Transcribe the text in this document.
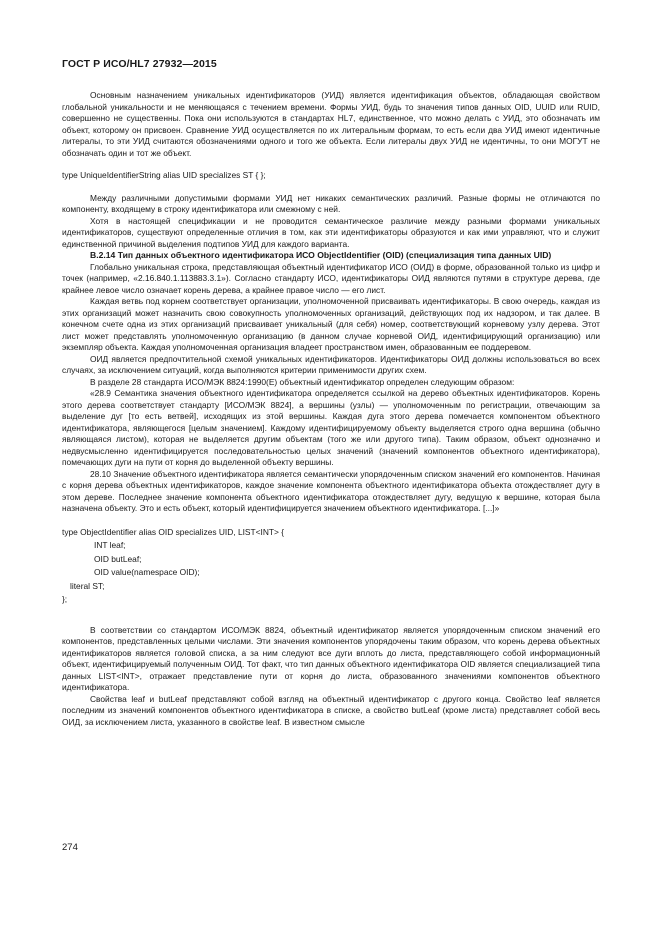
ГОСТ Р ИСО/HL7 27932—2015

Основным назначением уникальных идентификаторов (УИД) является идентификация объектов, обладающая свойством глобальной уникальности и не меняющаяся с течением времени. Формы УИД, будь то значения типов данных OID, UUID или RUID, совершенно не существенны. Пока они используются в стандартах HL7, единственное, что можно делать с УИД, это обозначать им объект, которому он присвоен. Сравнение УИД осуществляется по их литеральным формам, то есть если два УИД имеют идентичные литералы, то эти УИД считаются обозначениями одного и того же объекта. Если литералы двух УИД не идентичны, то они МОГУТ не обозначать один и тот же объект.

type UniqueIdentifierString alias UID specializes ST { };

Между различными допустимыми формами УИД нет никаких семантических различий. Разные формы не отличаются по компоненту, входящему в строку идентификатора или смежному с ней.

Хотя в настоящей спецификации и не проводится семантическое различие между разными формами уникальных идентификаторов, существуют определенные отличия в том, как эти идентификаторы образуются и как ими управляют, что и служит единственной причиной выделения подтипов УИД для каждого варианта.

B.2.14 Тип данных объектного идентификатора ИСО ObjectIdentifier (OID) (специализация типа данных UID)

Глобально уникальная строка, представляющая объектный идентификатор ИСО (ОИД) в форме, образованной только из цифр и точек (например, «2.16.840.1.113883.3.1»). Согласно стандарту ИСО, идентификаторы ОИД являются путями в структуре дерева, где крайнее левое число означает корень дерева, а крайнее правое число — его лист.

Каждая ветвь под корнем соответствует организации, уполномоченной присваивать идентификаторы. В свою очередь, каждая из этих организаций может назначить свою совокупность уполномоченных организаций, действующих под их надзором, и так далее. В конечном счете одна из этих организаций присваивает уникальный (для себя) номер, соответствующий корневому узлу дерева. Этот лист может представлять уполномоченную организацию (в данном случае корневой ОИД, идентифицирующий организацию) или экземпляр объекта. Каждая уполномоченная организация владеет пространством имен, образованным ее поддеревом.

ОИД является предпочтительной схемой уникальных идентификаторов. Идентификаторы ОИД должны использоваться во всех случаях, за исключением ситуаций, когда выполняются критерии применимости других схем.

В разделе 28 стандарта ИСО/МЭК 8824:1990(Е) объектный идентификатор определен следующим образом:

«28.9 Семантика значения объектного идентификатора определяется ссылкой на дерево объектных идентификаторов. Корень этого дерева соответствует стандарту [ИСО/МЭК 8824], а вершины (узлы) — уполномоченным по регистрации, отвечающим за выделение дуг [то есть ветвей], исходящих из этой вершины. Каждая дуга этого дерева помечается компонентом объектного идентификатора, являющегося [целым значением]. Каждому идентифицируемому объекту выделяется строго одна вершина (обычно являющаяся листом), которая не выделяется другим объектам (того же или другого типа). Таким образом, объект однозначно и недвусмысленно идентифицируется последовательностью целых значений (значений компонентов объектного идентификатора), помечающих дуги на пути от корня до выделенной объекту вершины.

28.10 Значение объектного идентификатора является семантически упорядоченным списком значений его компонентов. Начиная с корня дерева объектных идентификаторов, каждое значение компонента объектного идентификатора объекта отождествляет дугу в этом дереве. Последнее значение компонента объектного идентификатора отождествляет дугу, ведущую к вершине, которая была назначена объекту. Это и есть объект, который идентифицируется значением объектного идентификатора. [...]»

type ObjectIdentifier alias OID specializes UID, LIST<INT> {
INT leaf;
OID butLeaf;
OID value(namespace OID);
literal ST;
};

В соответствии со стандартом ИСО/МЭК 8824, объектный идентификатор является упорядоченным списком значений его компонентов, представленных целыми числами. Эти значения компонентов упорядочены таким образом, что корень дерева объектных идентификаторов является головой списка, а за ним следуют все дуги вплоть до листа, представляющего собой информационный объект, идентифицируемый полученным ОИД. Тот факт, что тип данных объектного идентификатора OID является специализацией типа данных LIST<INT>, отражает представление пути от корня до листа, образованного значениями компонентов объектного идентификатора.

Свойства leaf и butLeaf представляют собой взгляд на объектный идентификатор с другого конца. Свойство leaf является последним из значений компонентов объектного идентификатора в списке, а свойство butLeaf (кроме листа) представляет собой весь ОИД, за исключением листа, указанного в свойстве leaf. В известном смысле

274
